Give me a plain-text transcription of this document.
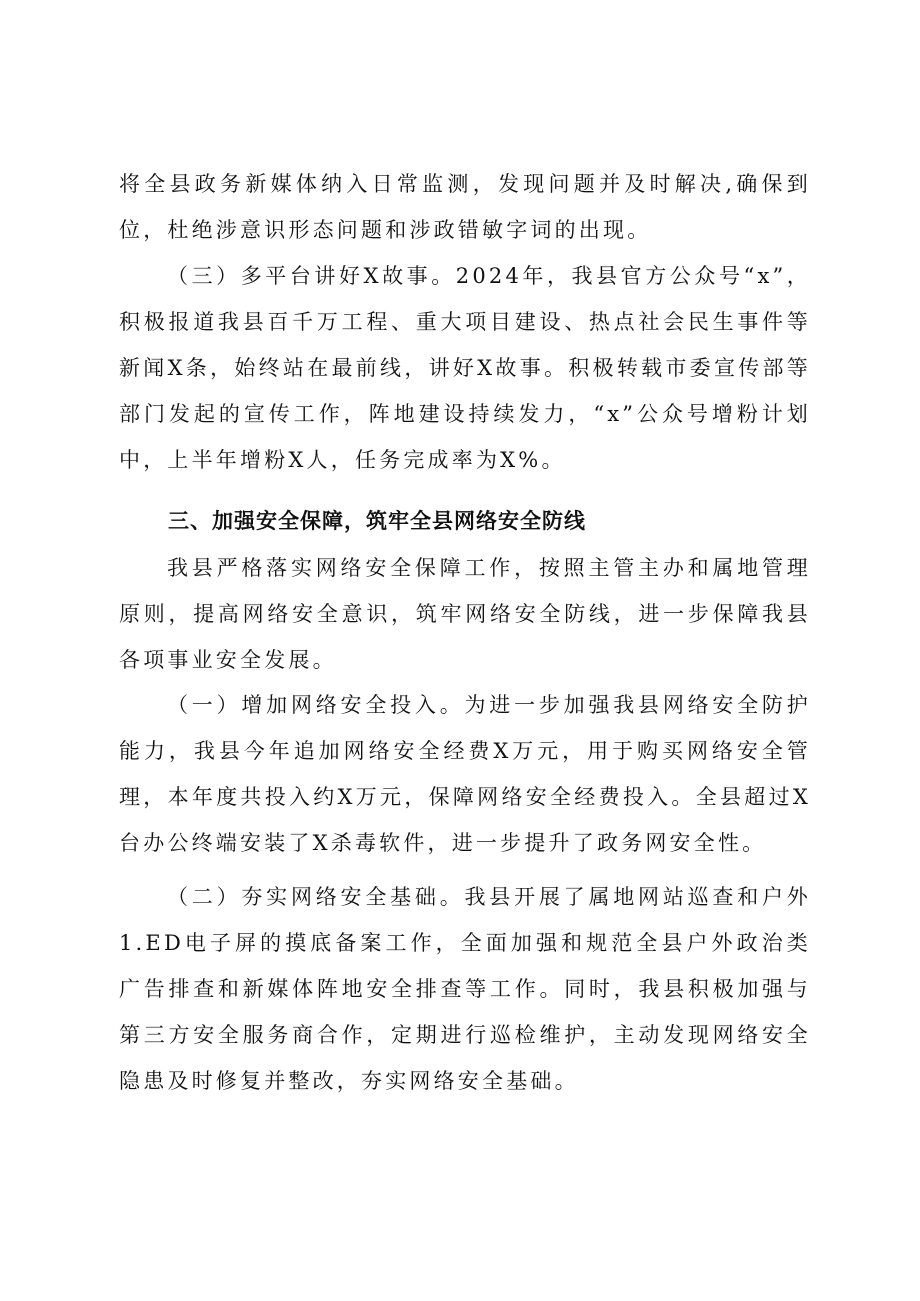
将全县政务新媒体纳入日常监测，发现问题并及时解决,确保到位，杜绝涉意识形态问题和涉政错敏字词的出现。

（三）多平台讲好X故事。2024年，我县官方公众号“x”，积极报道我县百千万工程、重大项目建设、热点社会民生事件等新闻X条，始终站在最前线，讲好X故事。积极转载市委宣传部等部门发起的宣传工作，阵地建设持续发力，“x”公众号增粉计划中，上半年增粉X人，任务完成率为X%。

三、加强安全保障，筑牢全县网络安全防线

我县严格落实网络安全保障工作，按照主管主办和属地管理原则，提高网络安全意识，筑牢网络安全防线，进一步保障我县各项事业安全发展。

（一）增加网络安全投入。为进一步加强我县网络安全防护能力，我县今年追加网络安全经费X万元，用于购买网络安全管理，本年度共投入约X万元，保障网络安全经费投入。全县超过X台办公终端安装了X杀毒软件，进一步提升了政务网安全性。

（二）夯实网络安全基础。我县开展了属地网站巡查和户外1.ED电子屏的摸底备案工作，全面加强和规范全县户外政治类广告排查和新媒体阵地安全排查等工作。同时，我县积极加强与第三方安全服务商合作，定期进行巡检维护，主动发现网络安全隐患及时修复并整改，夯实网络安全基础。
